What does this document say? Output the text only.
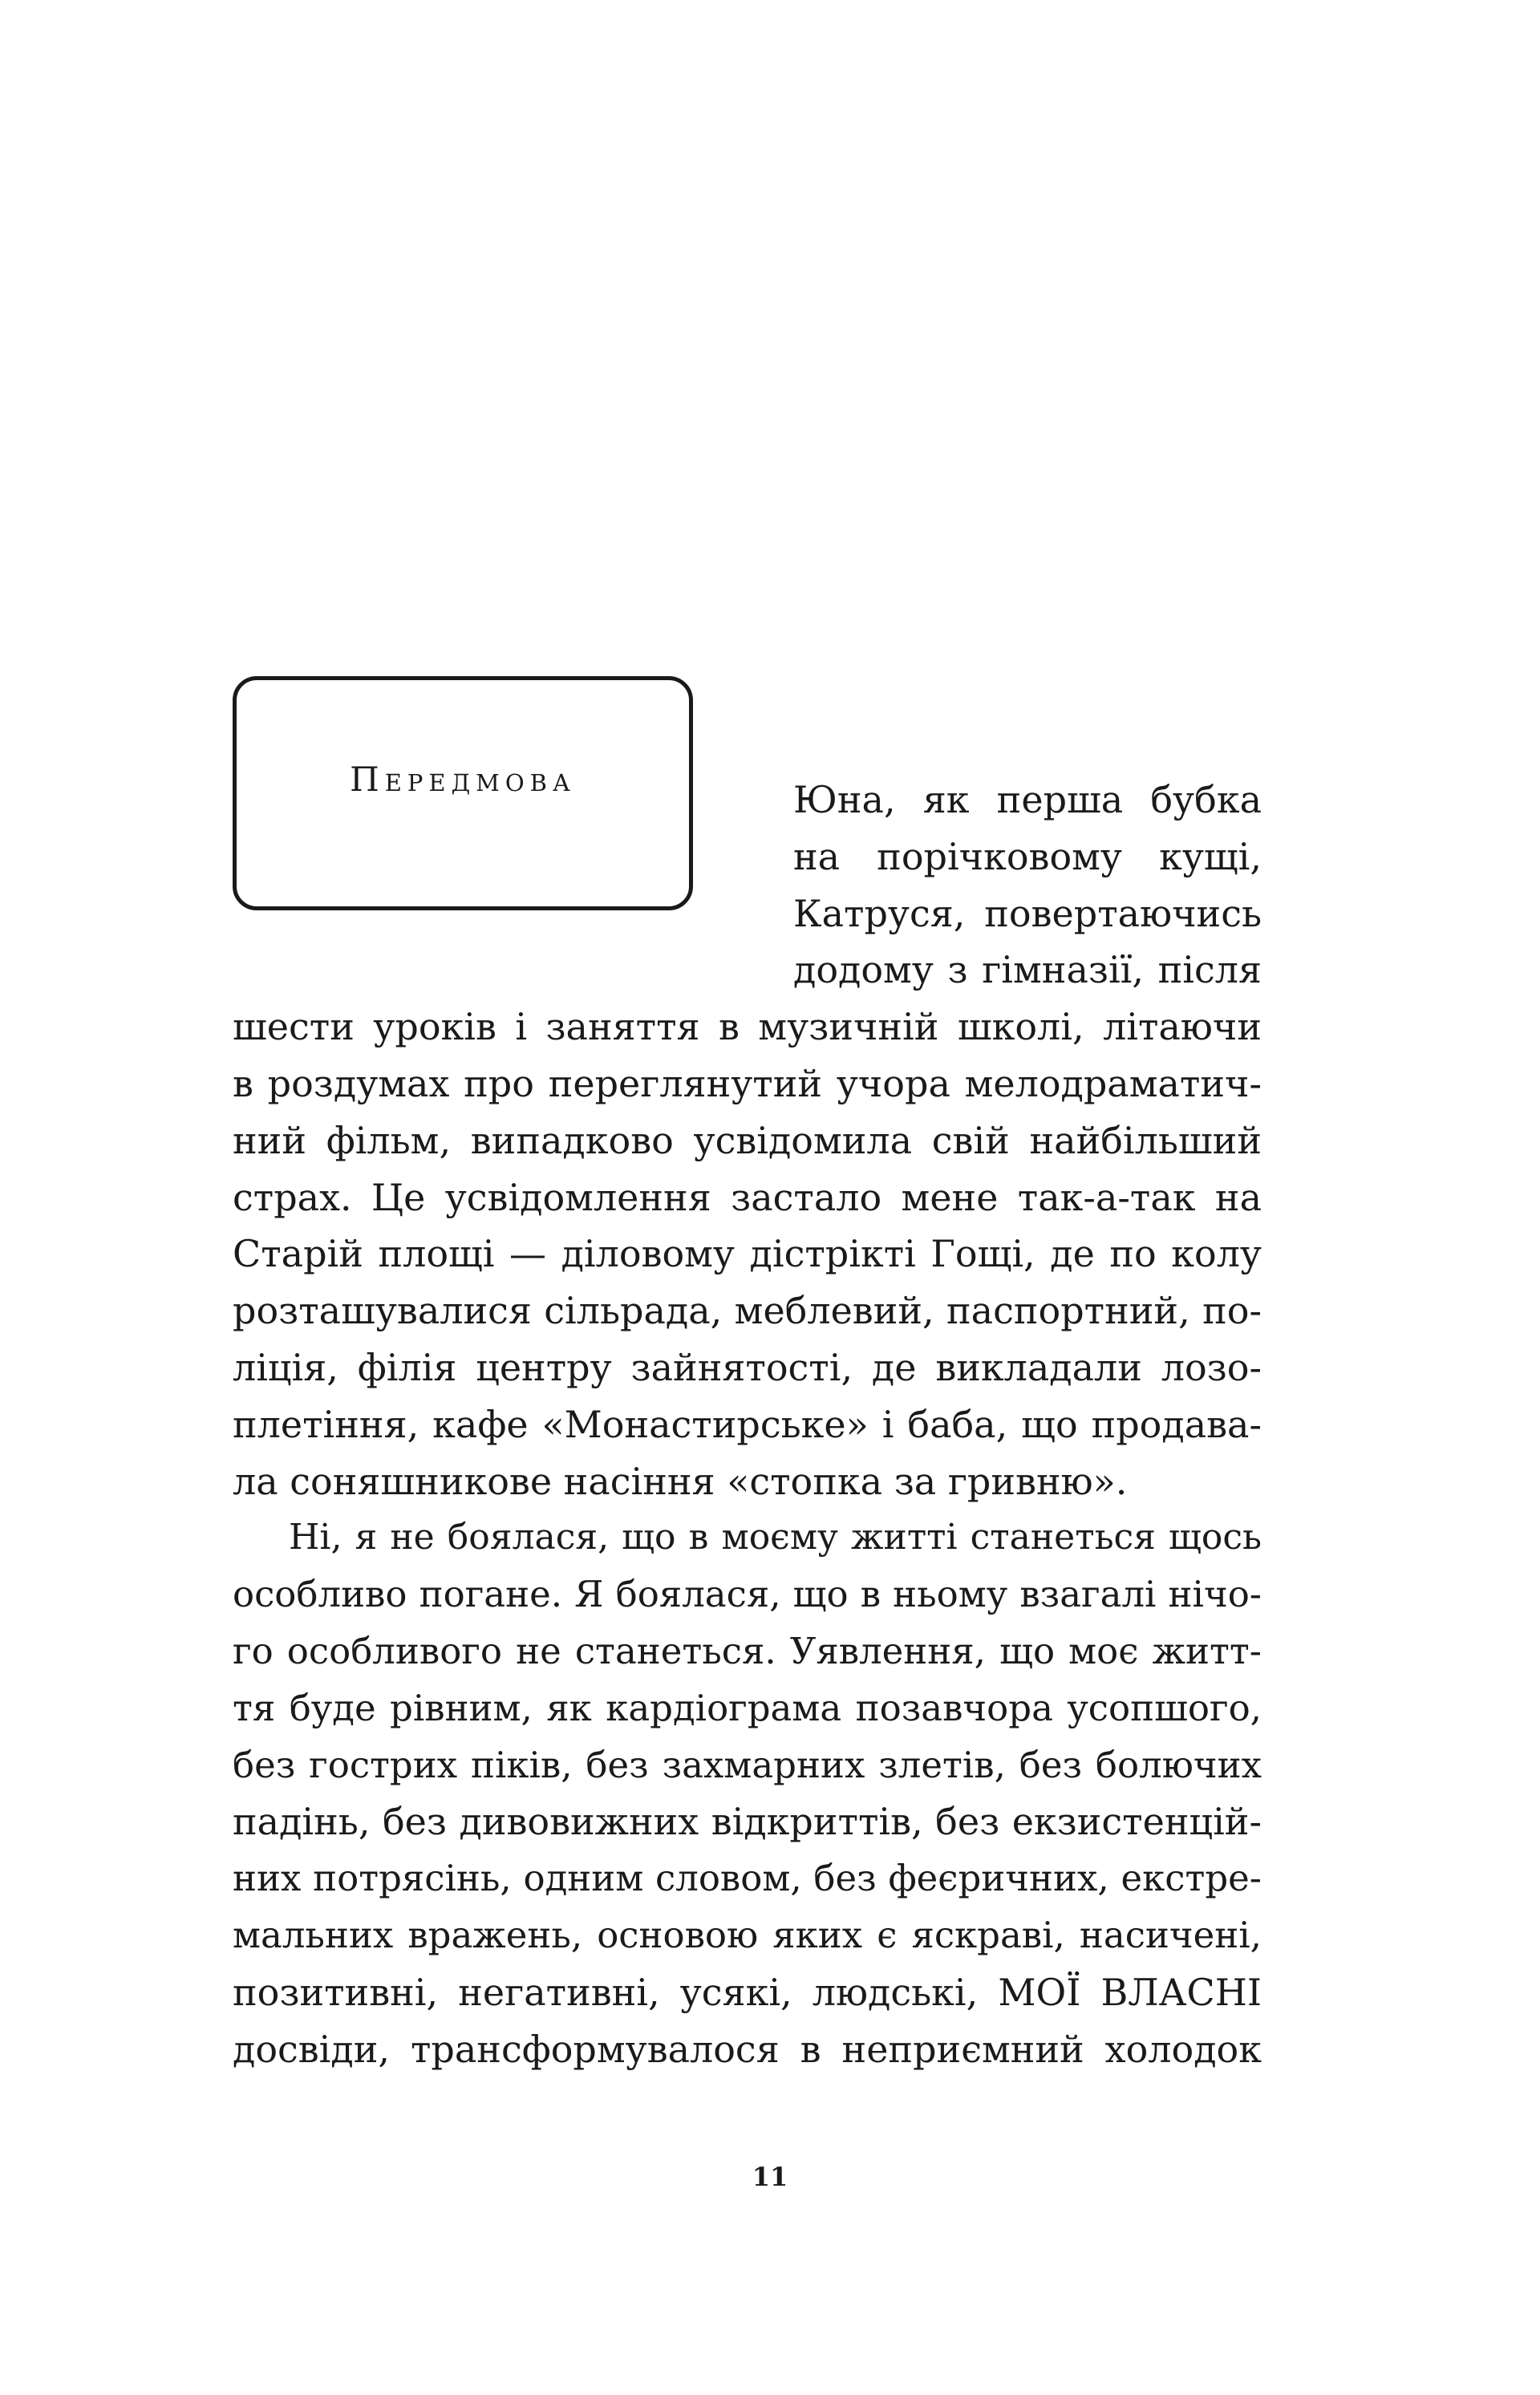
Передмова	Юна, як перша бубка
на порічковому кущі,
Катруся, повертаючись
додому з гімназії, після
шести уроків і заняття в музичній школі, літаючи
в роздумах про переглянутий учора мелодраматич-
ний фільм, випадково усвідомила свій найбільший
страх. Це усвідомлення застало мене так-а-так на
Старій площі — діловому дістрікті Гощі, де по колу
розташувалися сільрада, меблевий, паспортний, по-
ліція, філія центру зайнятості, де викладали лозо-
плетіння, кафе «Монастирське» і баба, що продава-
ла соняшникове насіння «стопка за гривню».

Ні, я не боялася, що в моєму житті станеться щось
особливо погане. Я боялася, що в ньому взагалі нічо-
го особливого не станеться. Уявлення, що моє житт-
тя буде рівним, як кардіограма позавчора усопшого,
без гострих піків, без захмарних злетів, без болючих
падінь, без дивовижних відкриттів, без екзистенцій-
них потрясінь, одним словом, без феєричних, екстре-
мальних вражень, основою яких є яскраві, насичені,
позитивні, негативні, усякі, людські, МОЇ ВЛАСНІ
досвіди, трансформувалося в неприємний холодок

11
